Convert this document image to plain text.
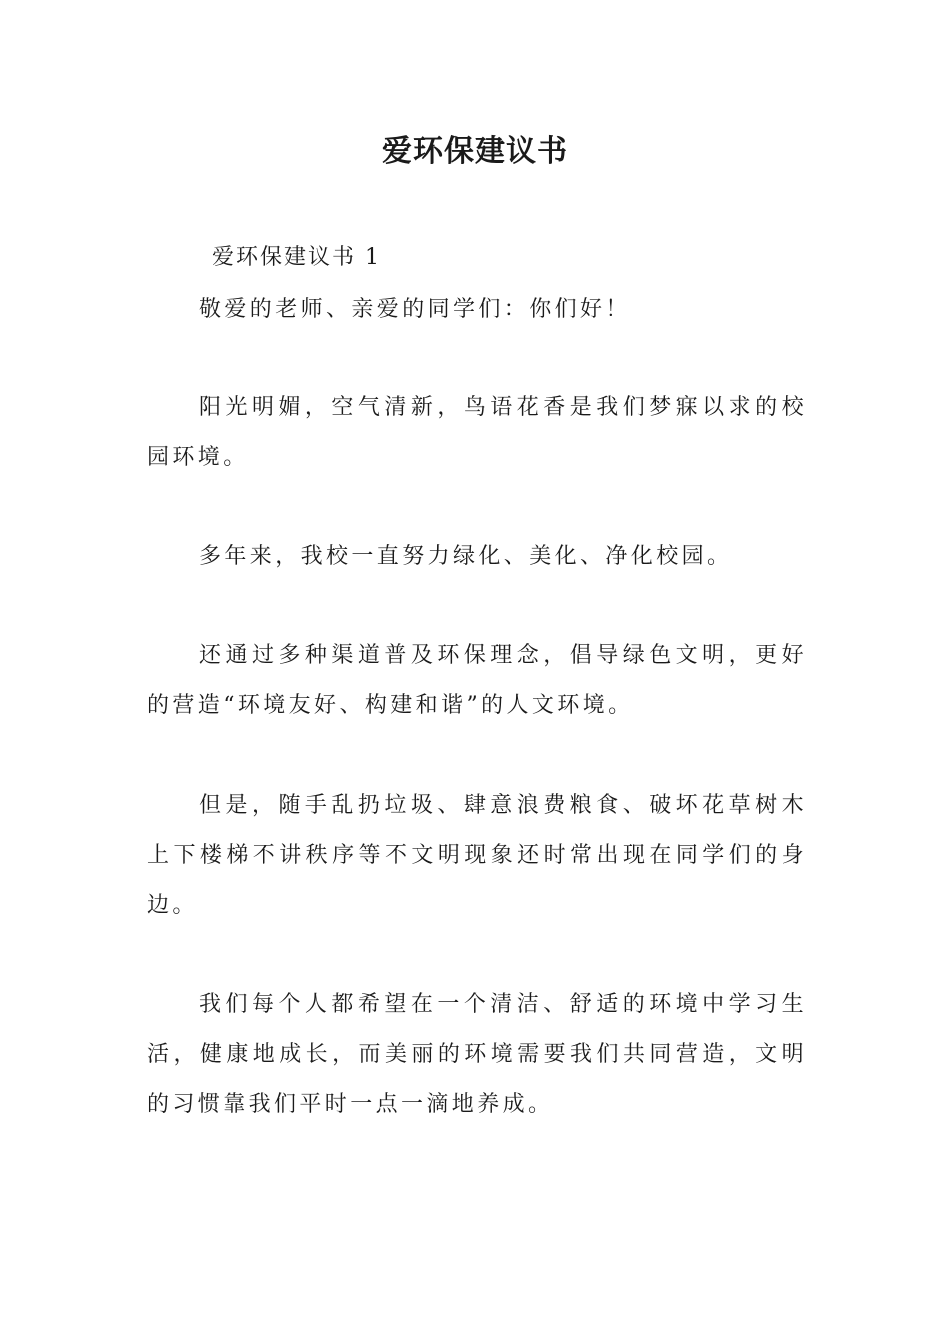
爱环保建议书

爱环保建议书 1

敬爱的老师、亲爱的同学们：你们好！

阳光明媚，空气清新，鸟语花香是我们梦寐以求的校园环境。

多年来，我校一直努力绿化、美化、净化校园。

还通过多种渠道普及环保理念，倡导绿色文明，更好的营造“环境友好、构建和谐”的人文环境。

但是，随手乱扔垃圾、肆意浪费粮食、破坏花草树木上下楼梯不讲秩序等不文明现象还时常出现在同学们的身边。

我们每个人都希望在一个清洁、舒适的环境中学习生活，健康地成长，而美丽的环境需要我们共同营造，文明的习惯靠我们平时一点一滴地养成。
